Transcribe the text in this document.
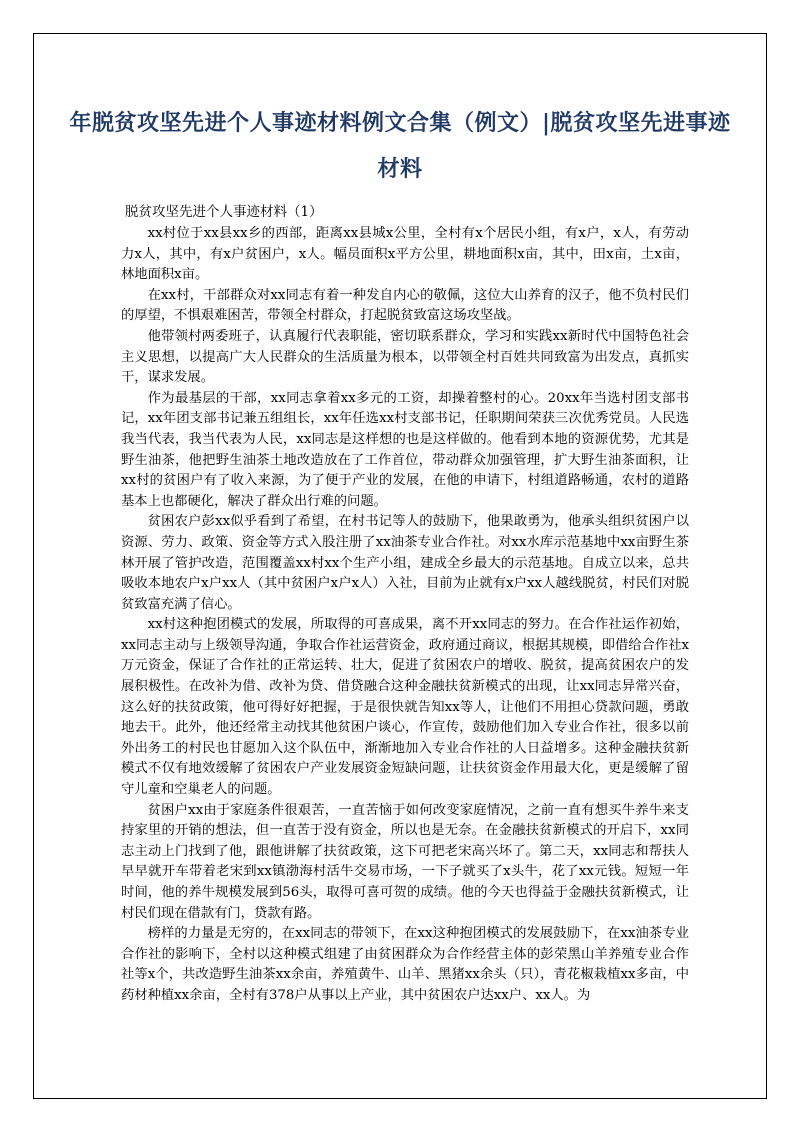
年脱贫攻坚先进个人事迹材料例文合集（例文）|脱贫攻坚先进事迹材料
脱贫攻坚先进个人事迹材料（1）

xx村位于xx县xx乡的西部，距离xx县城x公里，全村有x个居民小组，有x户，x人，有劳动力x人，其中，有x户贫困户，x人。幅员面积x平方公里，耕地面积x亩，其中，田x亩，土x亩，林地面积x亩。

在xx村，干部群众对xx同志有着一种发自内心的敬佩，这位大山养育的汉子，他不负村民们的厚望，不惧艰难困苦，带领全村群众，打起脱贫致富这场攻坚战。

他带领村两委班子，认真履行代表职能，密切联系群众，学习和实践xx新时代中国特色社会主义思想，以提高广大人民群众的生活质量为根本，以带领全村百姓共同致富为出发点，真抓实干，谋求发展。

作为最基层的干部，xx同志拿着xx多元的工资，却操着整村的心。20xx年当选村团支部书记，xx年团支部书记兼五组组长，xx年任选xx村支部书记，任职期间荣获三次优秀党员。人民选我当代表，我当代表为人民，xx同志是这样想的也是这样做的。他看到本地的资源优势，尤其是野生油茶，他把野生油茶土地改造放在了工作首位，带动群众加强管理，扩大野生油茶面积，让xx村的贫困户有了收入来源，为了便于产业的发展，在他的申请下，村组道路畅通，农村的道路基本上也都硬化，解决了群众出行难的问题。

贫困农户彭xx似乎看到了希望，在村书记等人的鼓励下，他果敢勇为，他承头组织贫困户以资源、劳力、政策、资金等方式入股注册了xx油茶专业合作社。对xx水库示范基地中xx亩野生茶林开展了管护改造，范围覆盖xx村xx个生产小组，建成全乡最大的示范基地。自成立以来，总共吸收本地农户x户xx人（其中贫困户x户x人）入社，目前为止就有x户xx人越线脱贫，村民们对脱贫致富充满了信心。

xx村这种抱团模式的发展，所取得的可喜成果，离不开xx同志的努力。在合作社运作初始，xx同志主动与上级领导沟通，争取合作社运营资金，政府通过商议，根据其规模，即借给合作社x万元资金，保证了合作社的正常运转、壮大，促进了贫困农户的增收、脱贫，提高贫困农户的发展积极性。在改补为借、改补为贷、借贷融合这种金融扶贫新模式的出现，让xx同志异常兴奋，这么好的扶贫政策，他可得好好把握，于是很快就告知xx等人，让他们不用担心贷款问题，勇敢地去干。此外，他还经常主动找其他贫困户谈心，作宣传，鼓励他们加入专业合作社，很多以前外出务工的村民也甘愿加入这个队伍中，渐渐地加入专业合作社的人日益增多。这种金融扶贫新模式不仅有地效缓解了贫困农户产业发展资金短缺问题，让扶贫资金作用最大化，更是缓解了留守儿童和空巢老人的问题。

贫困户xx由于家庭条件很艰苦，一直苦恼于如何改变家庭情况，之前一直有想买牛养牛来支持家里的开销的想法，但一直苦于没有资金，所以也是无奈。在金融扶贫新模式的开启下，xx同志主动上门找到了他，跟他讲解了扶贫政策，这下可把老宋高兴坏了。第二天，xx同志和帮扶人早早就开车带着老宋到xx镇渤海村活牛交易市场，一下子就买了x头牛，花了xx元钱。短短一年时间，他的养牛规模发展到56头，取得可喜可贺的成绩。他的今天也得益于金融扶贫新模式，让村民们现在借款有门，贷款有路。

榜样的力量是无穷的，在xx同志的带领下，在xx这种抱团模式的发展鼓励下，在xx油茶专业合作社的影响下，全村以这种模式组建了由贫困群众为合作经营主体的彭荣黑山羊养殖专业合作社等x个，共改造野生油茶xx余亩，养殖黄牛、山羊、黑猪xx余头（只），青花椒栽植xx多亩，中药材种植xx余亩，全村有378户从事以上产业，其中贫困农户达xx户、xx人。为
